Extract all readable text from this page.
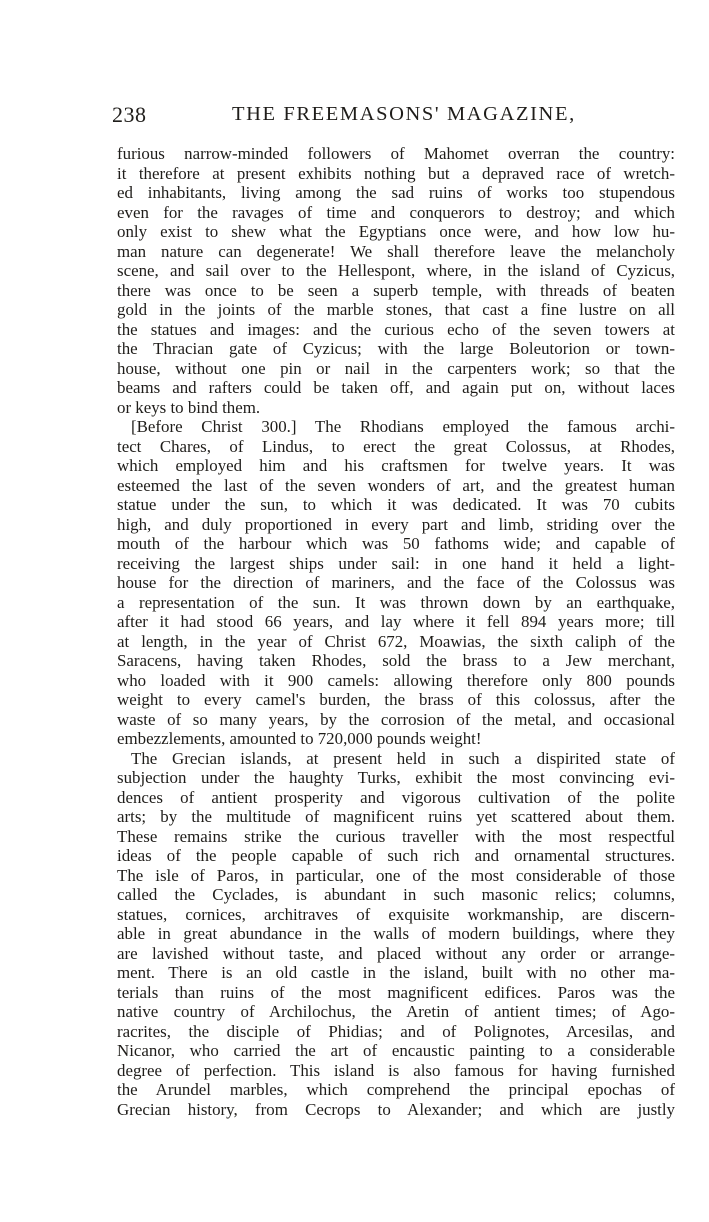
238	THE FREEMASONS' MAGAZINE,
furious narrow-minded followers of Mahomet overran the country:
it therefore at present exhibits nothing but a depraved race of wretch-
ed inhabitants, living among the sad ruins of works too stupendous
even for the ravages of time and conquerors to destroy; and which
only exist to shew what the Egyptians once were, and how low hu-
man nature can degenerate! We shall therefore leave the melancholy
scene, and sail over to the Hellespont, where, in the island of Cyzicus,
there was once to be seen a superb temple, with threads of beaten
gold in the joints of the marble stones, that cast a fine lustre on all
the statues and images: and the curious echo of the seven towers at
the Thracian gate of Cyzicus; with the large Boleutorion or town-
house, without one pin or nail in the carpenters work; so that the
beams and rafters could be taken off, and again put on, without laces
or keys to bind them.
[Before Christ 300.] The Rhodians employed the famous archi-
tect Chares, of Lindus, to erect the great Colossus, at Rhodes,
which employed him and his craftsmen for twelve years. It was
esteemed the last of the seven wonders of art, and the greatest human
statue under the sun, to which it was dedicated. It was 70 cubits
high, and duly proportioned in every part and limb, striding over the
mouth of the harbour which was 50 fathoms wide; and capable of
receiving the largest ships under sail: in one hand it held a light-
house for the direction of mariners, and the face of the Colossus was
a representation of the sun. It was thrown down by an earthquake,
after it had stood 66 years, and lay where it fell 894 years more; till
at length, in the year of Christ 672, Moawias, the sixth caliph of the
Saracens, having taken Rhodes, sold the brass to a Jew merchant,
who loaded with it 900 camels: allowing therefore only 800 pounds
weight to every camel's burden, the brass of this colossus, after the
waste of so many years, by the corrosion of the metal, and occasional
embezzlements, amounted to 720,000 pounds weight!
The Grecian islands, at present held in such a dispirited state of
subjection under the haughty Turks, exhibit the most convincing evi-
dences of antient prosperity and vigorous cultivation of the polite
arts; by the multitude of magnificent ruins yet scattered about them.
These remains strike the curious traveller with the most respectful
ideas of the people capable of such rich and ornamental structures.
The isle of Paros, in particular, one of the most considerable of those
called the Cyclades, is abundant in such masonic relics; columns,
statues, cornices, architraves of exquisite workmanship, are discern-
able in great abundance in the walls of modern buildings, where they
are lavished without taste, and placed without any order or arrange-
ment. There is an old castle in the island, built with no other ma-
terials than ruins of the most magnificent edifices. Paros was the
native country of Archilochus, the Aretin of antient times; of Ago-
racrites, the disciple of Phidias; and of Polignotes, Arcesilas, and
Nicanor, who carried the art of encaustic painting to a considerable
degree of perfection. This island is also famous for having furnished
the Arundel marbles, which comprehend the principal epochas of
Grecian history, from Cecrops to Alexander; and which are justly
